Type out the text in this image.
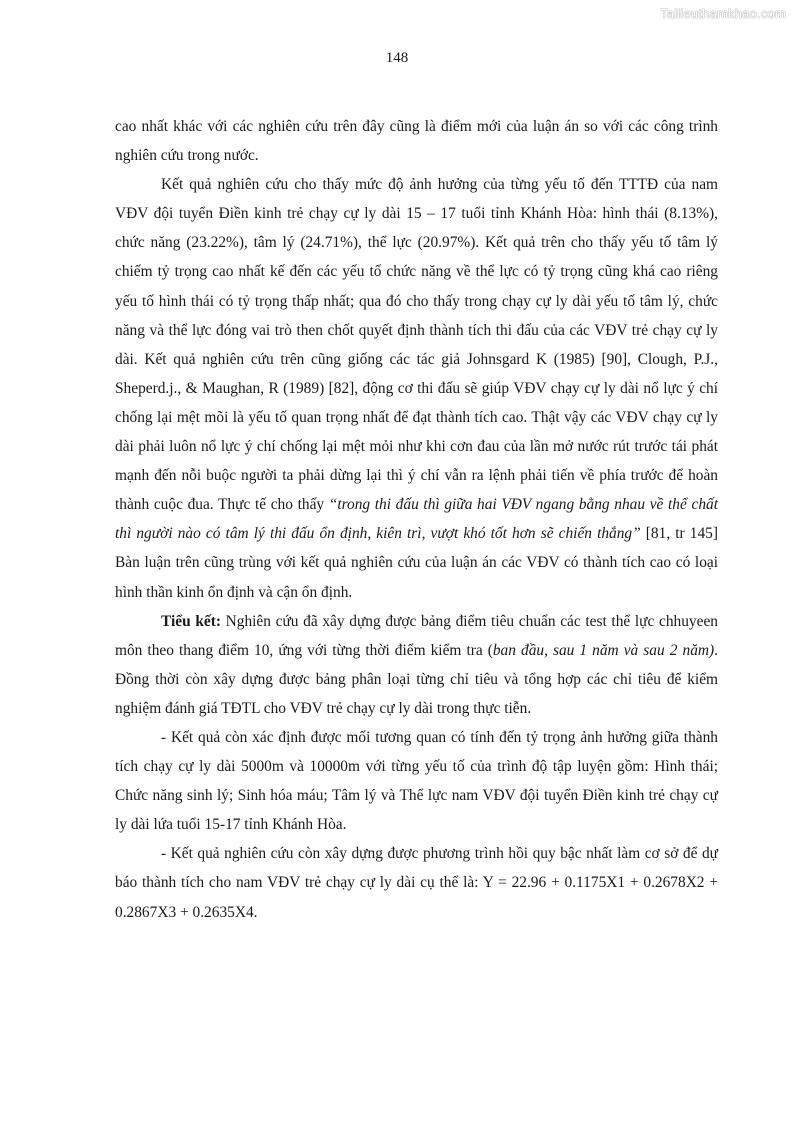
Tailieuthamkhao.com
148

cao nhất khác với các nghiên cứu trên đây cũng là điểm mới của luận án so với các công trình nghiên cứu trong nước.

Kết quả nghiên cứu cho thấy mức độ ảnh hưởng của từng yếu tố đến TTTĐ của nam VĐV đội tuyển Điền kinh trẻ chạy cự ly dài 15 – 17 tuổi tỉnh Khánh Hòa: hình thái (8.13%), chức năng (23.22%), tâm lý (24.71%), thể lực (20.97%). Kết quả trên cho thấy yếu tố tâm lý chiếm tỷ trọng cao nhất kế đến các yếu tố chức năng về thể lực có tỷ trọng cũng khá cao riêng yếu tố hình thái có tỷ trọng thấp nhất; qua đó cho thấy trong chạy cự ly dài yếu tố tâm lý, chức năng và thể lực đóng vai trò then chốt quyết định thành tích thi đấu của các VĐV trẻ chạy cự ly dài. Kết quả nghiên cứu trên cũng giống các tác giả Johnsgard K (1985) [90], Clough, P.J., Sheperd.j., & Maughan, R (1989) [82], động cơ thi đấu sẽ giúp VĐV chạy cự ly dài nổ lực ý chí chống lại mệt mõi là yếu tố quan trọng nhất để đạt thành tích cao. Thật vậy các VĐV chạy cự ly dài phải luôn nổ lực ý chí chống lại mệt mỏi như khi cơn đau của lần mở nước rút trước tái phát mạnh đến nỗi buộc người ta phải dừng lại thì ý chí vẫn ra lệnh phải tiến về phía trước để hoàn thành cuộc đua. Thực tế cho thấy “trong thi đấu thì giữa hai VĐV ngang bằng nhau về thể chất thì người nào có tâm lý thi đấu ổn định, kiên trì, vượt khó tốt hơn sẽ chiến thắng” [81, tr 145] Bàn luận trên cũng trùng với kết quả nghiên cứu của luận án các VĐV có thành tích cao có loại hình thần kinh ổn định và cận ổn định.

Tiểu kết: Nghiên cứu đã xây dựng được bảng điểm tiêu chuẩn các test thể lực chhuyeen môn theo thang điểm 10, ứng với từng thời điểm kiểm tra (ban đầu, sau 1 năm và sau 2 năm). Đồng thời còn xây dựng được bảng phân loại từng chỉ tiêu và tổng hợp các chỉ tiêu để kiểm nghiệm đánh giá TĐTL cho VĐV trẻ chạy cự ly dài trong thực tiễn.

- Kết quả còn xác định được mối tương quan có tính đến tỷ trọng ảnh hưởng giữa thành tích chạy cự ly dài 5000m và 10000m với từng yếu tố của trình độ tập luyện gồm: Hình thái; Chức năng sinh lý; Sinh hóa máu; Tâm lý và Thể lực nam VĐV đội tuyển Điền kinh trẻ chạy cự ly dài lứa tuổi 15-17 tỉnh Khánh Hòa.

- Kết quả nghiên cứu còn xây dựng được phương trình hồi quy bậc nhất làm cơ sở để dự báo thành tích cho nam VĐV trẻ chạy cự ly dài cụ thể là: Y = 22.96 + 0.1175X1 + 0.2678X2 + 0.2867X3 + 0.2635X4.
